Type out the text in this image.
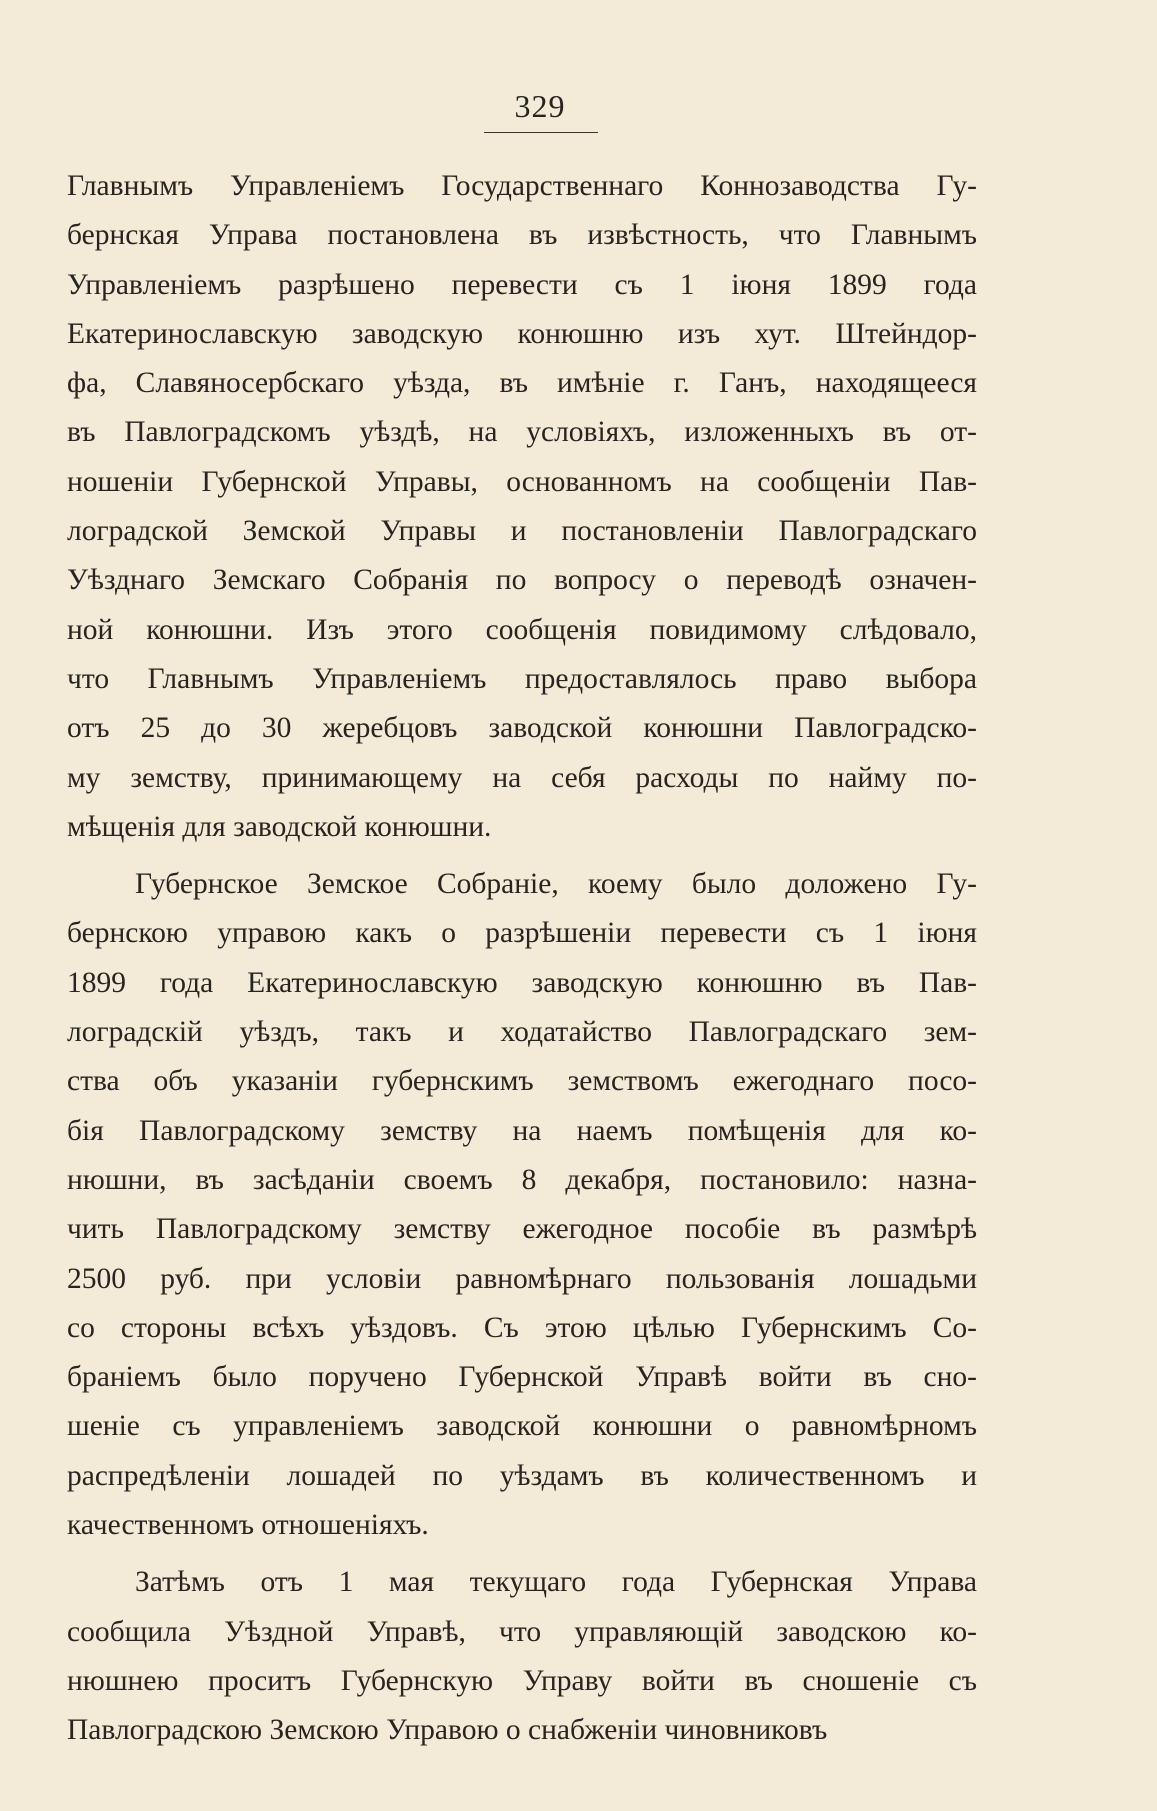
329
Главнымъ Управленіемъ Государственнаго Коннозаводства Гу-
бернская Управа постановлена въ извѣстность, что Главнымъ
Управленіемъ разрѣшено перевести съ 1 іюня 1899 года
Екатеринославскую заводскую конюшню изъ хут. Штейндор-
фа, Славяносербскаго уѣзда, въ имѣніе г. Ганъ, находящееся
въ Павлоградскомъ уѣздѣ, на условіяхъ, изложенныхъ въ от-
ношеніи Губернской Управы, основанномъ на сообщеніи Пав-
лоградской Земской Управы и постановленіи Павлоградскаго
Уѣзднаго Земскаго Собранія по вопросу о переводѣ означен-
ной конюшни. Изъ этого сообщенія повидимому слѣдовало,
что Главнымъ Управленіемъ предоставлялось право выбора
отъ 25 до 30 жеребцовъ заводской конюшни Павлоградско-
му земству, принимающему на себя расходы по найму по-
мѣщенія для заводской конюшни.
Губернское Земское Собраніе, коему было доложено Гу-
бернскою управою какъ о разрѣшеніи перевести съ 1 іюня
1899 года Екатеринославскую заводскую конюшню въ Пав-
лоградскій уѣздъ, такъ и ходатайство Павлоградскаго зем-
ства объ указаніи губернскимъ земствомъ ежегоднаго посо-
бія Павлоградскому земству на наемъ помѣщенія для ко-
нюшни, въ засѣданіи своемъ 8 декабря, постановило: назна-
чить Павлоградскому земству ежегодное пособіе въ размѣрѣ
2500 руб. при условіи равномѣрнаго пользованія лошадьми
со стороны всѣхъ уѣздовъ. Съ этою цѣлью Губернскимъ Со-
браніемъ было поручено Губернской Управѣ войти въ сно-
шеніе съ управленіемъ заводской конюшни о равномѣрномъ
распредѣленіи лошадей по уѣздамъ въ количественномъ и
качественномъ отношеніяхъ.
Затѣмъ отъ 1 мая текущаго года Губернская Управа
сообщила Уѣздной Управѣ, что управляющій заводскою ко-
нюшнею проситъ Губернскую Управу войти въ сношеніе съ
Павлоградскою Земскою Управою о снабженіи чиновниковъ
